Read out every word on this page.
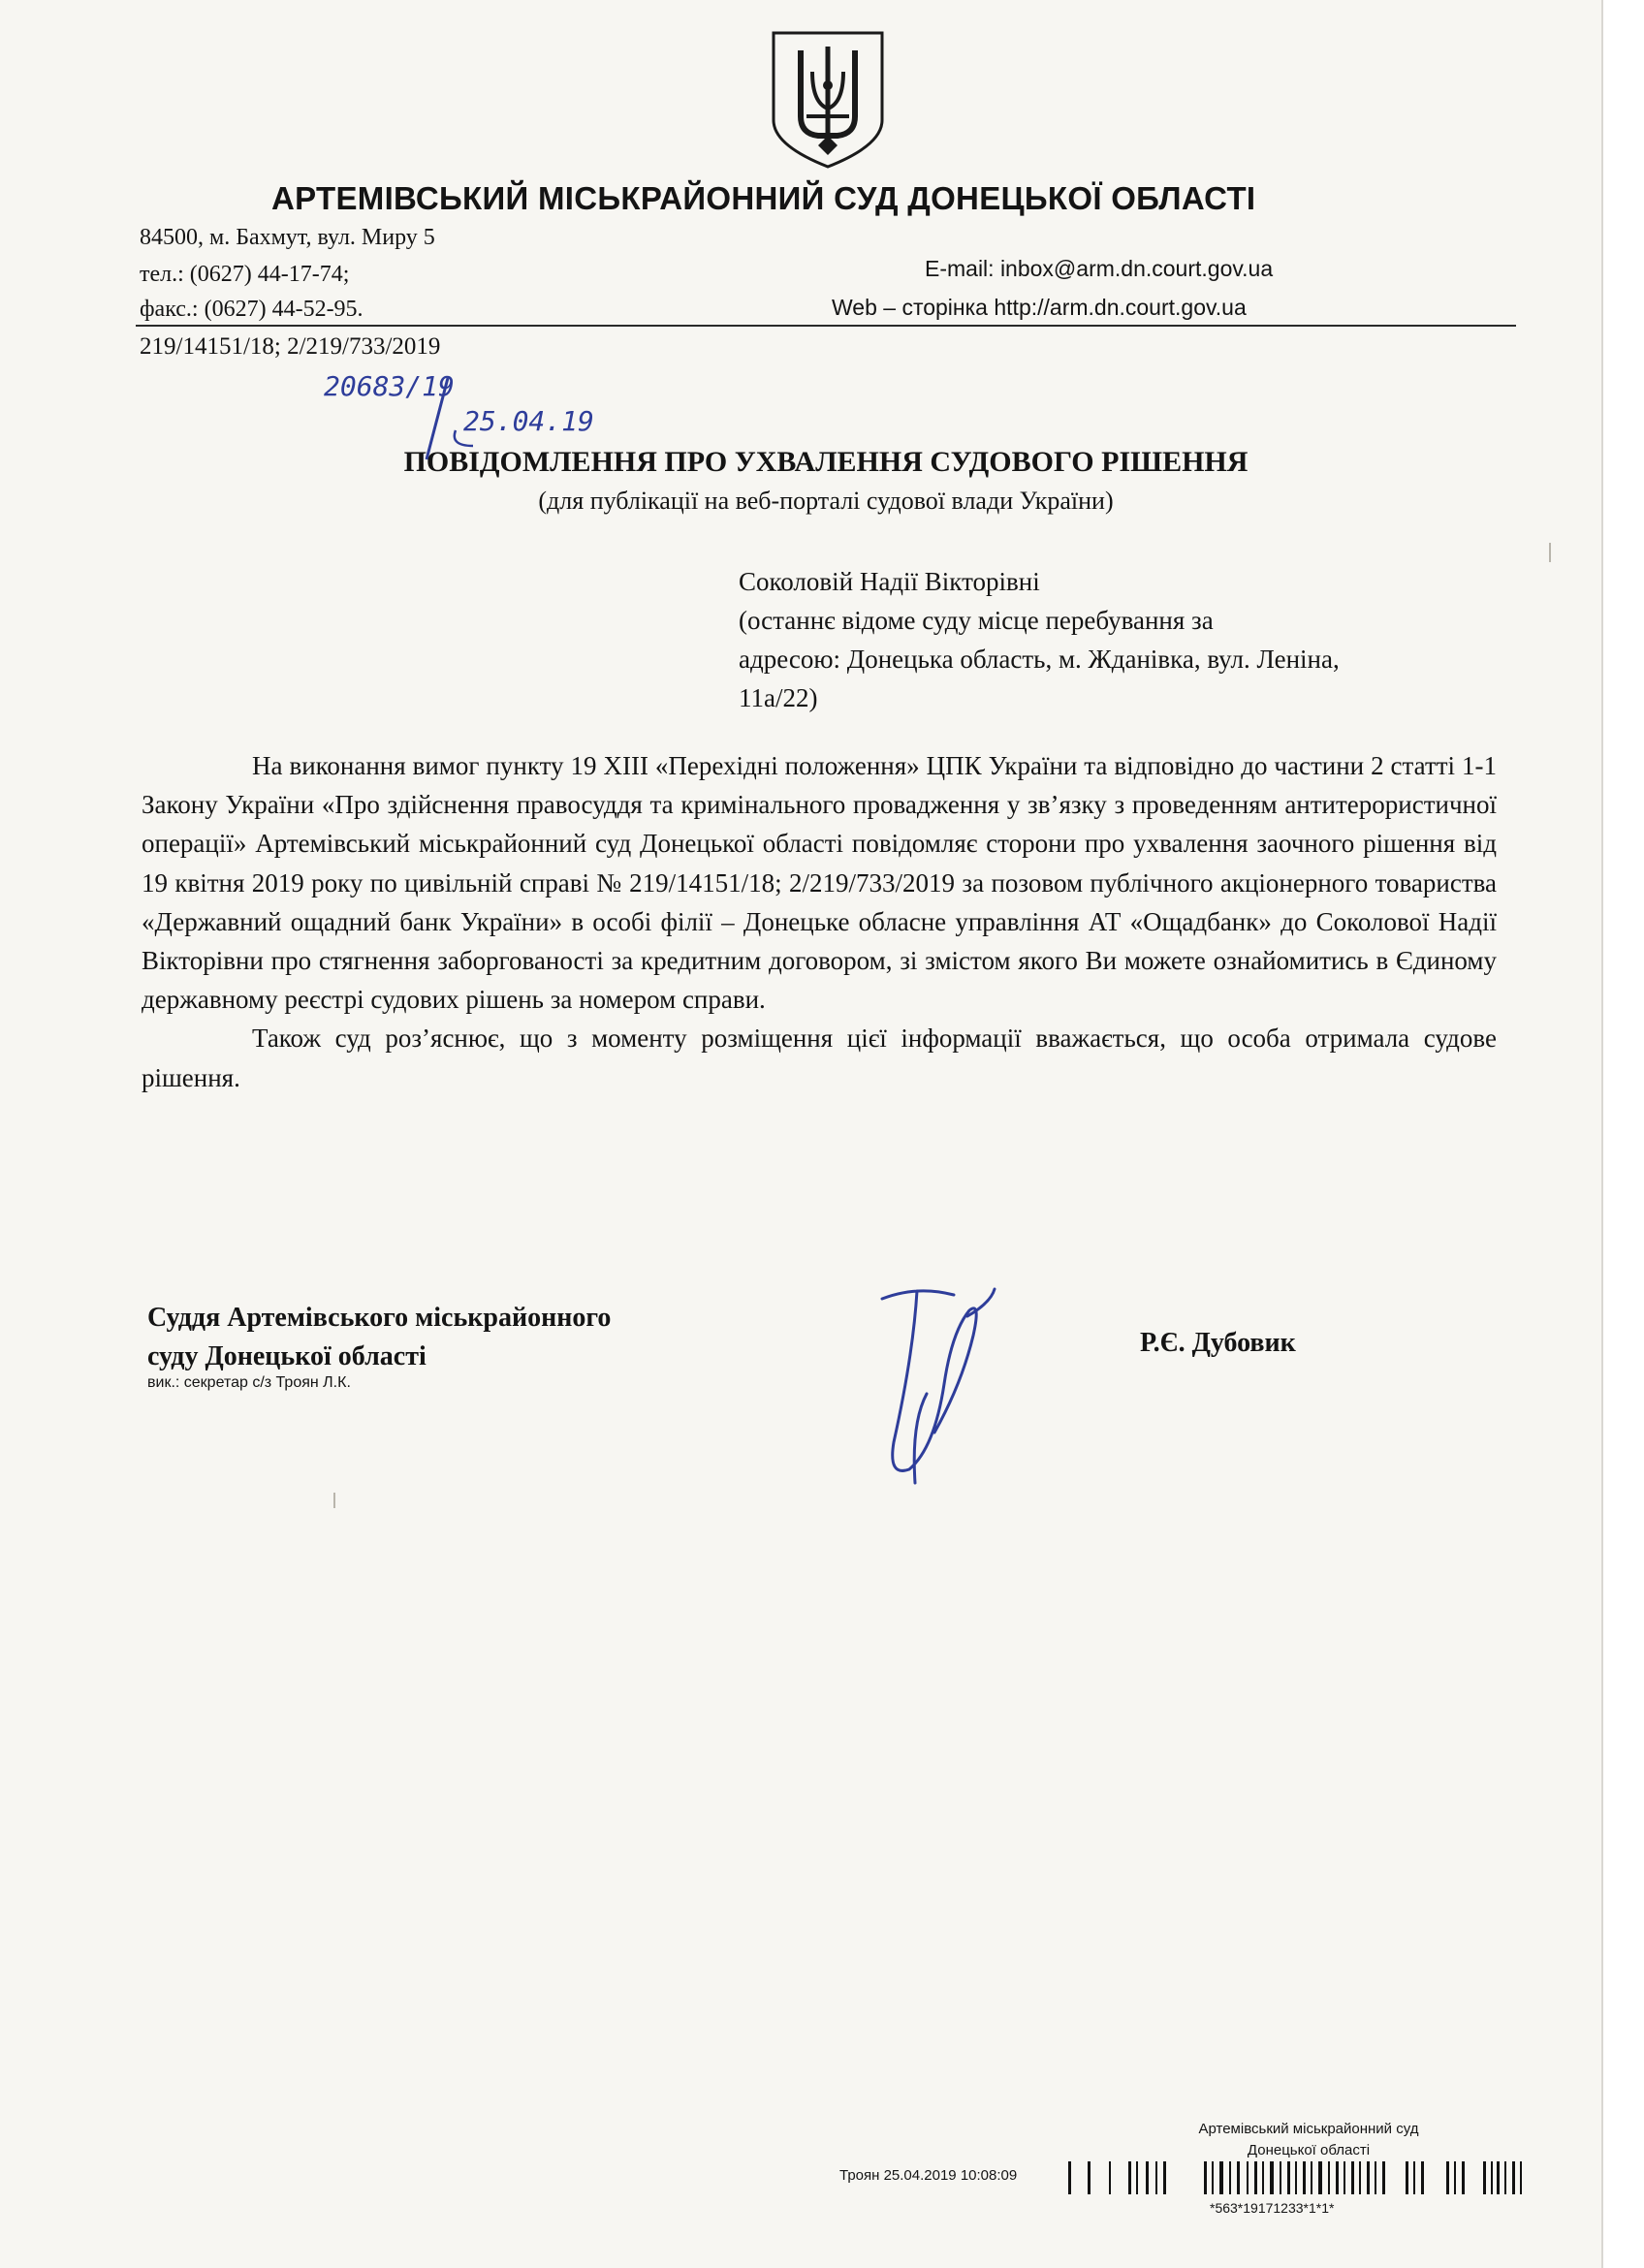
АРТЕМІВСЬКИЙ МІСЬКРАЙОННИЙ СУД ДОНЕЦЬКОЇ ОБЛАСТІ
84500, м. Бахмут, вул. Миру 5
тел.: (0627) 44-17-74;
факс.: (0627) 44-52-95.
E-mail: inbox@arm.dn.court.gov.ua
Web – сторінка http://arm.dn.court.gov.ua
219/14151/18; 2/219/733/2019
20683/19
25.04.19
ПОВІДОМЛЕННЯ ПРО УХВАЛЕННЯ СУДОВОГО РІШЕННЯ
(для публікації на веб-порталі судової влади України)

Соколовій Надії Вікторівні

(останнє відоме суду місце перебування за

адресою: Донецька область, м. Жданівка, вул. Леніна,

11а/22)

На виконання вимог пункту 19 ХІІІ «Перехідні положення» ЦПК України та відповідно до частини 2 статті 1-1 Закону України «Про здійснення правосуддя та кримінального провадження у зв’язку з проведенням антитерористичної операції» Артемівський міськрайонний суд Донецької області повідомляє сторони про ухвалення заочного рішення від 19 квітня 2019 року по цивільній справі № 219/14151/18; 2/219/733/2019 за позовом публічного акціонерного товариства «Державний ощадний банк України» в особі філії – Донецьке обласне управління АТ «Ощадбанк» до Соколової Надії Вікторівни про стягнення заборгованості за кредитним договором, зі змістом якого Ви можете ознайомитись в Єдиному державному реєстрі судових рішень за номером справи.

Також суд роз’яснює, що з моменту розміщення цієї інформації вважається, що особа отримала судове рішення.

Суддя Артемівського міськрайонного
суду Донецької області
вик.: секретар с/з Троян Л.К.
Р.Є. Дубовик
Артемівський міськрайонний суд
Донецької області
Троян 25.04.2019 10:08:09
*563*19171233*1*1*
